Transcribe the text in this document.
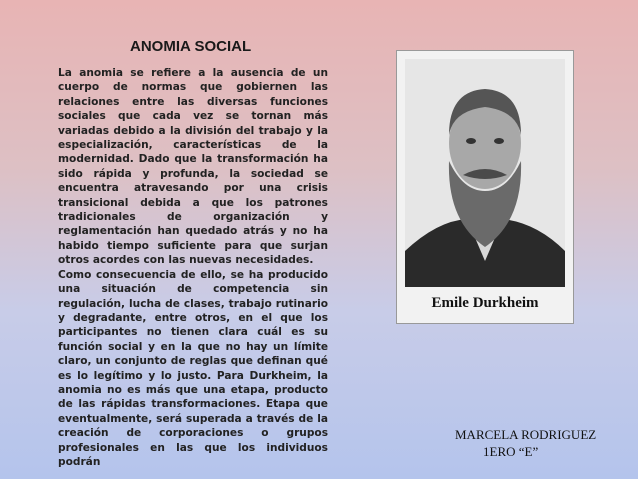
ANOMIA SOCIAL

La anomia se refiere a la ausencia de un cuerpo de normas que gobiernen las relaciones entre las diversas funciones sociales que cada vez se tornan más variadas debido a la división del trabajo y la especialización, características de la modernidad. Dado que la transformación ha sido rápida y profunda, la sociedad se encuentra atravesando por una crisis transicional debida a que los patrones tradicionales de organización y reglamentación han quedado atrás y no ha habido tiempo suficiente para que surjan otros acordes con las nuevas necesidades.

Como consecuencia de ello, se ha producido una situación de competencia sin regulación, lucha de clases, trabajo rutinario y degradante, entre otros, en el que los participantes no tienen clara cuál es su función social y en la que no hay un límite claro, un conjunto de reglas que definan qué es lo legítimo y lo justo. Para Durkheim, la anomia no es más que una etapa, producto de las rápidas transformaciones. Etapa que eventualmente, será superada a través de la creación de corporaciones o grupos profesionales en las que los individuos podrán

Emile Durkheim
MARCELA RODRIGUEZ
1ERO “E”
